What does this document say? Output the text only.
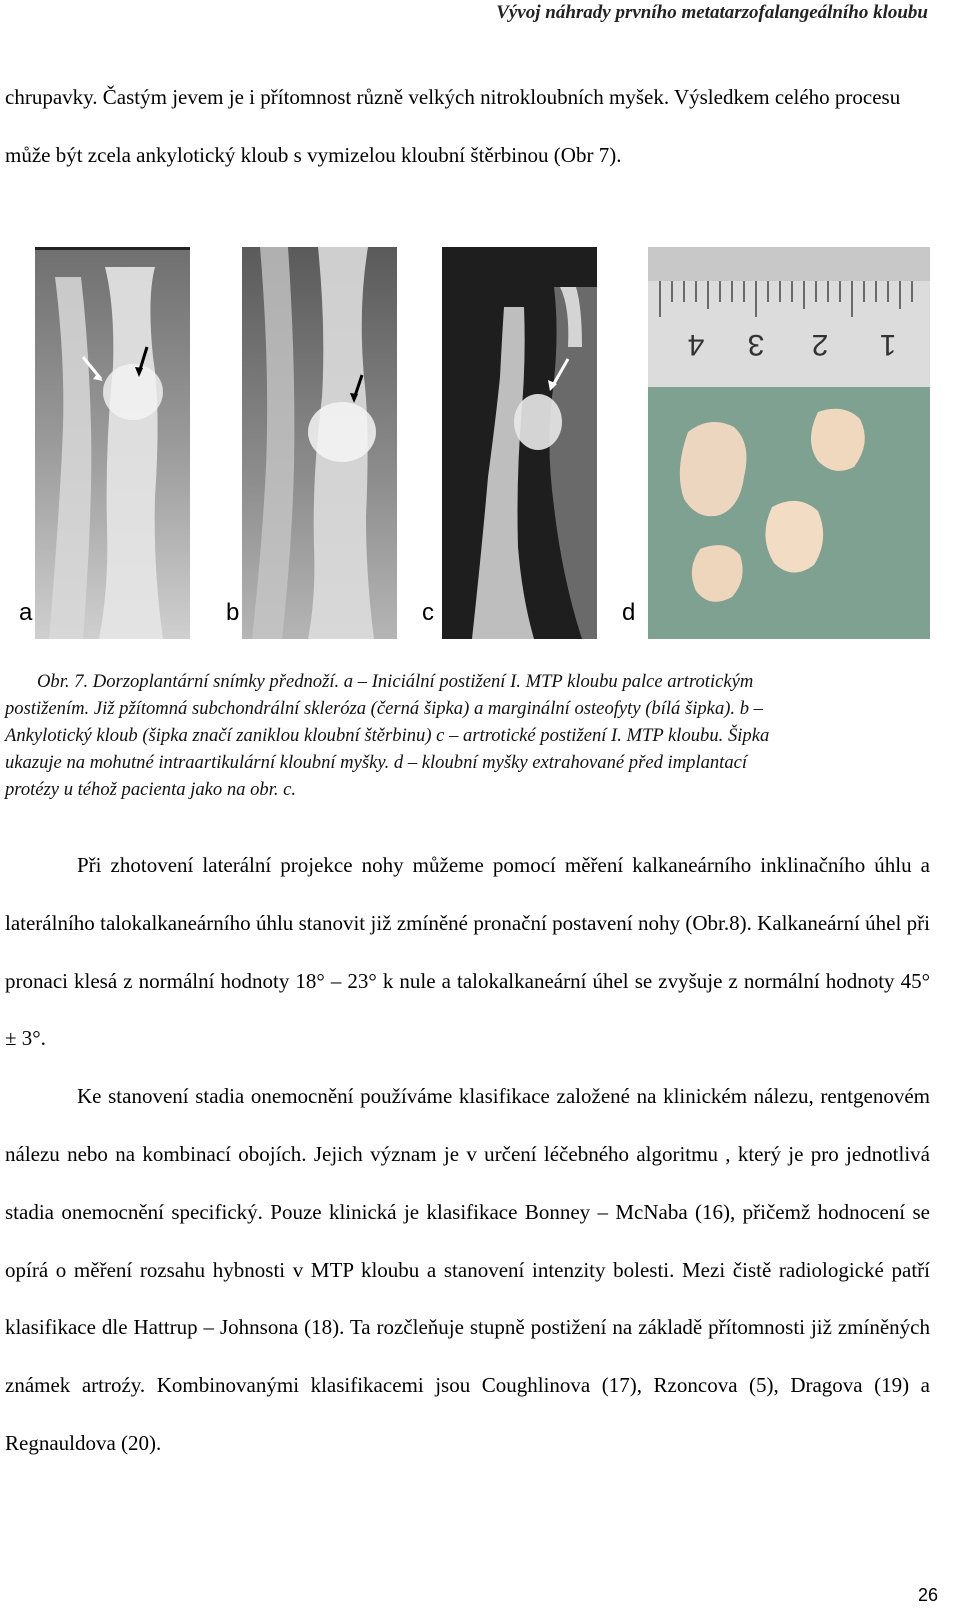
Vývoj náhrady prvního metatarzofalangeálního kloubu

chrupavky. Častým jevem je i přítomnost různě velkých nitrokloubních myšek. Výsledkem celého procesu může být zcela ankylotický kloub s vymizelou kloubní štěrbinou (Obr 7).

a	b	c
4 3 2 1
d
Obr. 7. Dorzoplantární snímky přednoží. a – Iniciální postižení I. MTP kloubu palce artrotickým
postižením. Již pžítomná subchondrální skleróza (černá šipka) a marginální osteofyty (bílá šipka). b –
Ankylotický kloub (šipka značí zaniklou kloubní štěrbinu) c – artrotické postižení I. MTP kloubu. Šipka
ukazuje na mohutné intraartikulární kloubní myšky. d – kloubní myšky extrahované před implantací
protézy u téhož pacienta jako na obr. c.

Při zhotovení laterální projekce nohy můžeme pomocí měření kalkaneárního inklinačního úhlu a laterálního talokalkaneárního úhlu stanovit již zmíněné pronační postavení nohy (Obr.8). Kalkaneární úhel při pronaci klesá z normální hodnoty 18° – 23° k nule a talokalkaneární úhel se zvyšuje z normální hodnoty 45° ± 3°.

Ke stanovení stadia onemocnění používáme klasifikace založené na klinickém nálezu, rentgenovém nálezu nebo na kombinací obojích. Jejich význam je v určení léčebného algoritmu , který je pro jednotlivá stadia onemocnění specifický. Pouze klinická je klasifikace Bonney – McNaba (16), přičemž hodnocení se opírá o měření rozsahu hybnosti v MTP kloubu a stanovení intenzity bolesti. Mezi čistě radiologické patří klasifikace dle Hattrup – Johnsona (18). Ta rozčleňuje stupně postižení na základě přítomnosti již zmíněných známek artroźy. Kombinovanými klasifikacemi jsou Coughlinova (17), Rzoncova (5), Dragova (19) a Regnauldova (20).

26
